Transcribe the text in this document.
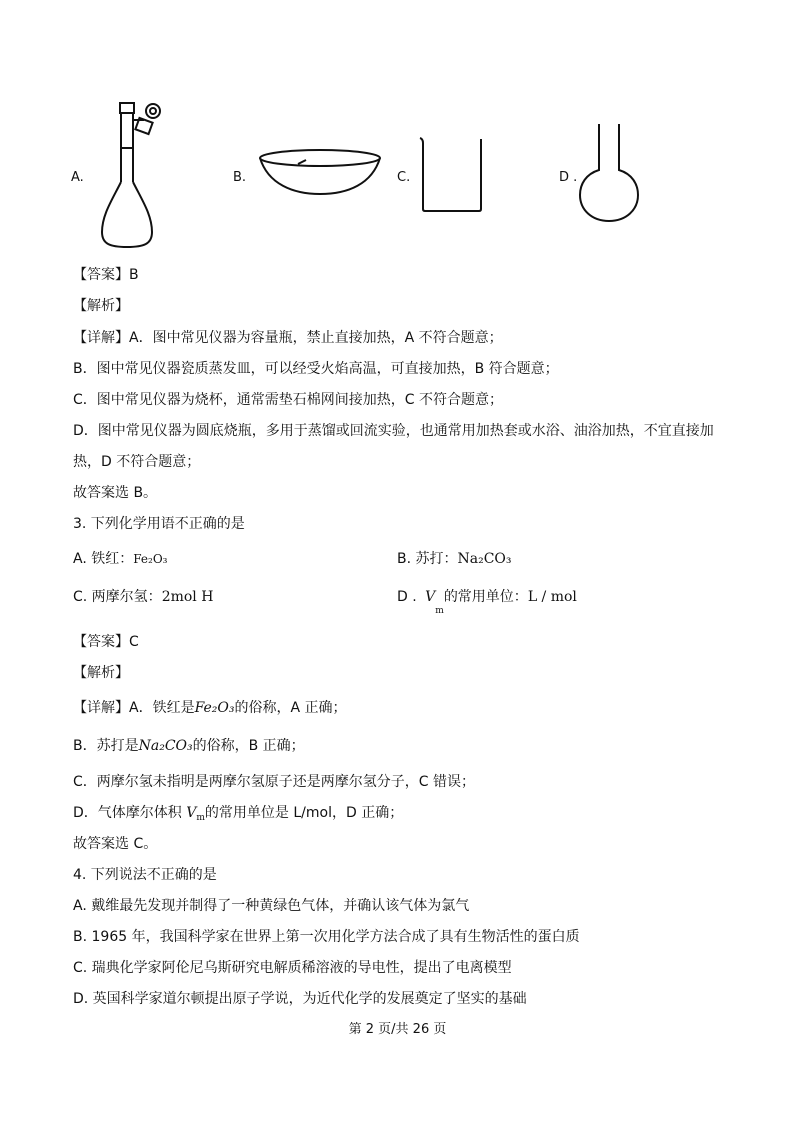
A.	B.	C.	D .
【答案】B
【解析】
【详解】A．图中常见仪器为容量瓶，禁止直接加热，A 不符合题意；
B．图中常见仪器瓷质蒸发皿，可以经受火焰高温，可直接加热，B 符合题意；
C．图中常见仪器为烧杯，通常需垫石棉网间接加热，C 不符合题意；
D．图中常见仪器为圆底烧瓶，多用于蒸馏或回流实验，也通常用加热套或水浴、油浴加热，不宜直接加
热，D 不符合题意；
故答案选 B。
3. 下列化学用语不正确的是
A. 铁红：Fe₂O₃	B. 苏打：Na₂CO₃
C. 两摩尔氢：2mol H	D . $V_m$的常用单位：L / mol
【答案】C
【解析】
【详解】A．铁红是Fe₂O₃的俗称，A 正确；
B．苏打是Na₂CO₃的俗称，B 正确；
C．两摩尔氢未指明是两摩尔氢原子还是两摩尔氢分子，C 错误；
D．气体摩尔体积 $V_m$的常用单位是 L/mol，D 正确；
故答案选 C。
4. 下列说法不正确的是
A. 戴维最先发现并制得了一种黄绿色气体，并确认该气体为氯气
B. 1965 年，我国科学家在世界上第一次用化学方法合成了具有生物活性的蛋白质
C. 瑞典化学家阿伦尼乌斯研究电解质稀溶液的导电性，提出了电离模型
D. 英国科学家道尔顿提出原子学说，为近代化学的发展奠定了坚实的基础
第 2 页/共 26 页
